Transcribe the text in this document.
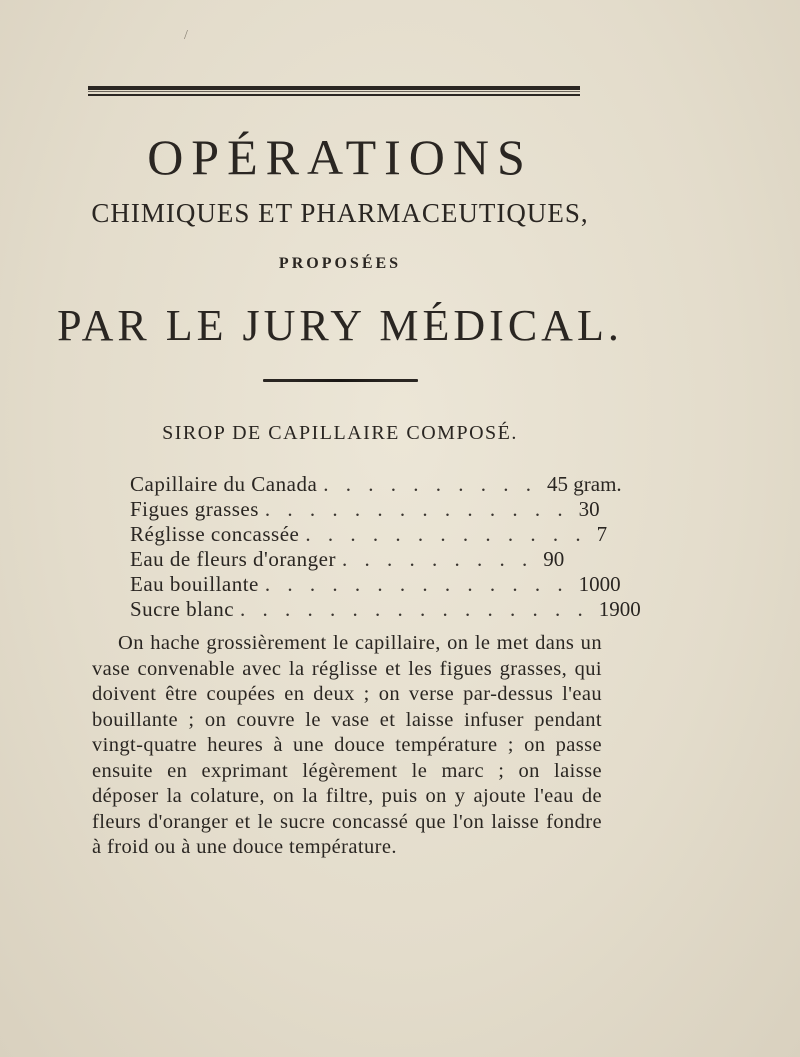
/
OPÉRATIONS
CHIMIQUES ET PHARMACEUTIQUES,
PROPOSÉES
PAR LE JURY MÉDICAL.
SIROP DE CAPILLAIRE COMPOSÉ.
Capillaire du Canada . . . . . . . . . . 45 gram.
Figues grasses . . . . . . . . . . . . . . 30
Réglisse concassée . . . . . . . . . . . . . 7
Eau de fleurs d'oranger . . . . . . . . . 90
Eau bouillante . . . . . . . . . . . . . . 1000
Sucre blanc . . . . . . . . . . . . . . . . 1900
On hache grossièrement le capillaire, on le met dans un vase convenable avec la réglisse et les figues grasses, qui doivent être coupées en deux ; on verse par-dessus l'eau bouillante ; on couvre le vase et laisse infuser pendant vingt-quatre heures à une douce température ; on passe ensuite en exprimant légèrement le marc ; on laisse déposer la colature, on la filtre, puis on y ajoute l'eau de fleurs d'oranger et le sucre concassé que l'on laisse fondre à froid ou à une douce température.
